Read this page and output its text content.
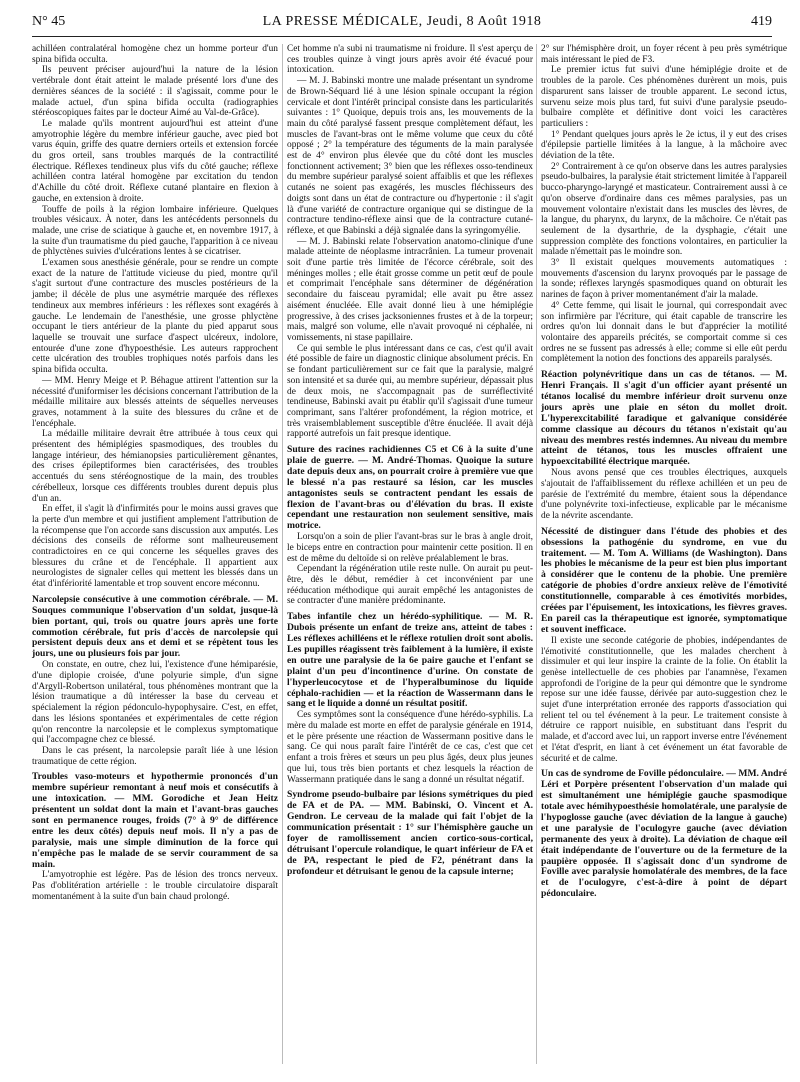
N° 45	LA PRESSE MÉDICALE, Jeudi, 8 Août 1918	419

achilléen contralatéral homogène chez un homme porteur d'un spina bifida occulta.

Ils peuvent préciser aujourd'hui la nature de la lésion vertébrale dont était atteint le malade présenté lors d'une des dernières séances de la société : il s'agissait, comme pour le malade actuel, d'un spina bifida occulta (radiographies stéréoscopiques faites par le docteur Aimé au Val-de-Grâce).

Le malade qu'ils montrent aujourd'hui est atteint d'une amyotrophie légère du membre inférieur gauche, avec pied bot varus équin, griffe des quatre derniers orteils et extension forcée du gros orteil, sans troubles marqués de la contractilité électrique. Réflexes tendineux plus vifs du côté gauche; réflexe achilléen contra latéral homogène par excitation du tendon d'Achille du côté droit. Réflexe cutané plantaire en flexion à gauche, en extension à droite.

Touffe de poils à la région lombaire inférieure. Quelques troubles vésicaux. À noter, dans les antécédents personnels du malade, une crise de sciatique à gauche et, en novembre 1917, à la suite d'un traumatisme du pied gauche, l'apparition à ce niveau de phlyctènes suivies d'ulcérations lentes à se cicatriser.

L'examen sous anesthésie générale, pour se rendre un compte exact de la nature de l'attitude vicieuse du pied, montre qu'il s'agit surtout d'une contracture des muscles postérieurs de la jambe; il décèle de plus une asymétrie marquée des réflexes tendineux aux membres inférieurs : les réflexes sont exagérés à gauche. Le lendemain de l'anesthésie, une grosse phlyctène occupant le tiers antérieur de la plante du pied apparut sous laquelle se trouvait une surface d'aspect ulcéreux, indolore, entourée d'une zone d'hypoesthésie. Les auteurs rapprochent cette ulcération des troubles trophiques notés parfois dans les spina bifida occulta.

— MM. Henry Meige et P. Béhague attirent l'attention sur la nécessité d'uniformiser les décisions concernant l'attribution de la médaille militaire aux blessés atteints de séquelles nerveuses graves, notamment à la suite des blessures du crâne et de l'encéphale.

La médaille militaire devrait être attribuée à tous ceux qui présentent des hémiplégies spasmodiques, des troubles du langage intérieur, des hémianopsies particulièrement gênantes, des crises épileptiformes bien caractérisées, des troubles accentués du sens stéréognostique de la main, des troubles cérébelleux, lorsque ces différents troubles durent depuis plus d'un an.

En effet, il s'agit là d'infirmités pour le moins aussi graves que la perte d'un membre et qui justifient amplement l'attribution de la récompense que l'on accorde sans discussion aux amputés. Les décisions des conseils de réforme sont malheureusement contradictoires en ce qui concerne les séquelles graves des blessures du crâne et de l'encéphale. Il appartient aux neurologistes de signaler celles qui mettent les blessés dans un état d'infériorité lamentable et trop souvent encore méconnu.

Narcolepsie consécutive à une commotion cérébrale. — M. Souques communique l'observation d'un soldat, jusque-là bien portant, qui, trois ou quatre jours après une forte commotion cérébrale, fut pris d'accès de narcolepsie qui persistent depuis deux ans et demi et se répètent tous les jours, une ou plusieurs fois par jour.

On constate, en outre, chez lui, l'existence d'une hémiparésie, d'une diplopie croisée, d'une polyurie simple, d'un signe d'Argyll-Robertson unilatéral, tous phénomènes montrant que la lésion traumatique a dû intéresser la base du cerveau et spécialement la région pédonculo-hypophysaire. C'est, en effet, dans les lésions spontanées et expérimentales de cette région qu'on rencontre la narcolepsie et le complexus symptomatique qui l'accompagne chez ce blessé.

Dans le cas présent, la narcolepsie paraît liée à une lésion traumatique de cette région.

Troubles vaso-moteurs et hypothermie prononcés d'un membre supérieur remontant à neuf mois et consécutifs à une intoxication. — MM. Gorodiche et Jean Heitz présentent un soldat dont la main et l'avant-bras gauches sont en permanence rouges, froids (7° à 9° de différence entre les deux côtés) depuis neuf mois. Il n'y a pas de paralysie, mais une simple diminution de la force qui n'empêche pas le malade de se servir couramment de sa main.

L'amyotrophie est légère. Pas de lésion des troncs nerveux. Pas d'oblitération artérielle : le trouble circulatoire disparaît momentanément à la suite d'un bain chaud prolongé.

Cet homme n'a subi ni traumatisme ni froidure. Il s'est aperçu de ces troubles quinze à vingt jours après avoir été évacué pour intoxication.

— M. J. Babinski montre une malade présentant un syndrome de Brown-Séquard lié à une lésion spinale occupant la région cervicale et dont l'intérêt principal consiste dans les particularités suivantes : 1° Quoique, depuis trois ans, les mouvements de la main du côté paralysé fassent presque complètement défaut, les muscles de l'avant-bras ont le même volume que ceux du côté opposé ; 2° la température des téguments de la main paralysée est de 4° environ plus élevée que du côté dont les muscles fonctionnent activement; 3° bien que les réflexes osso-tendineux du membre supérieur paralysé soient affaiblis et que les réflexes cutanés ne soient pas exagérés, les muscles fléchisseurs des doigts sont dans un état de contracture ou d'hypertonie : il s'agit là d'une variété de contracture organique qui se distingue de la contracture tendino-réflexe ainsi que de la contracture cutané-réflexe, et que Babinski a déjà signalée dans la syringomyélie.

— M. J. Babinski relate l'observation anatomo-clinique d'une malade atteinte de néoplasme intracrânien. La tumeur provenait soit d'une partie très limitée de l'écorce cérébrale, soit des méninges molles ; elle était grosse comme un petit œuf de poule et comprimait l'encéphale sans déterminer de dégénération secondaire du faisceau pyramidal; elle avait pu être assez aisément énucléée. Elle avait donné lieu à une hémiplégie progressive, à des crises jacksoniennes frustes et à de la torpeur; mais, malgré son volume, elle n'avait provoqué ni céphalée, ni vomissements, ni stase papillaire.

Ce qui semble le plus intéressant dans ce cas, c'est qu'il avait été possible de faire un diagnostic clinique absolument précis. En se fondant particulièrement sur ce fait que la paralysie, malgré son intensité et sa durée qui, au membre supérieur, dépassait plus de deux mois, ne s'accompagnait pas de surréflectivité tendineuse, Babinski avait pu établir qu'il s'agissait d'une tumeur comprimant, sans l'altérer profondément, la région motrice, et très vraisemblablement susceptible d'être énucléée. Il avait déjà rapporté autrefois un fait presque identique.

Suture des racines rachidiennes C5 et C6 à la suite d'une plaie de guerre. — M. André-Thomas. Quoique la suture date depuis deux ans, on pourrait croire à première vue que le blessé n'a pas restauré sa lésion, car les muscles antagonistes seuls se contractent pendant les essais de flexion de l'avant-bras ou d'élévation du bras. Il existe cependant une restauration non seulement sensitive, mais motrice.

Lorsqu'on a soin de plier l'avant-bras sur le bras à angle droit, le biceps entre en contraction pour maintenir cette position. Il en est de même du deltoïde si on relève préalablement le bras.

Cependant la régénération utile reste nulle. On aurait pu peut-être, dès le début, remédier à cet inconvénient par une rééducation méthodique qui aurait empêché les antagonistes de se contracter d'une manière prédominante.

Tabes infantile chez un hérédo-syphilitique. — M. R. Dubois présente un enfant de treize ans, atteint de tabes : Les réflexes achilléens et le réflexe rotulien droit sont abolis. Les pupilles réagissent très faiblement à la lumière, il existe en outre une paralysie de la 6e paire gauche et l'enfant se plaint d'un peu d'incontinence d'urine. On constate de l'hyperleucocytose et de l'hyperalbuminose du liquide céphalo-rachidien — et la réaction de Wassermann dans le sang et le liquide a donné un résultat positif.

Ces symptômes sont la conséquence d'une hérédo-syphilis. La mère du malade est morte en effet de paralysie générale en 1914, et le père présente une réaction de Wassermann positive dans le sang. Ce qui nous paraît faire l'intérêt de ce cas, c'est que cet enfant a trois frères et sœurs un peu plus âgés, deux plus jeunes que lui, tous très bien portants et chez lesquels la réaction de Wassermann pratiquée dans le sang a donné un résultat négatif.

Syndrome pseudo-bulbaire par lésions symétriques du pied de FA et de PA. — MM. Babinski, O. Vincent et A. Gendron. Le cerveau de la malade qui fait l'objet de la communication présentait : 1° sur l'hémisphère gauche un foyer de ramollissement ancien cortico-sous-cortical, détruisant l'opercule rolandique, le quart inférieur de FA et de PA, respectant le pied de F2, pénétrant dans la profondeur et détruisant le genou de la capsule interne;

2° sur l'hémisphère droit, un foyer récent à peu près symétrique mais intéressant le pied de F3.

Le premier ictus fut suivi d'une hémiplégie droite et de troubles de la parole. Ces phénomènes durèrent un mois, puis disparurent sans laisser de trouble apparent. Le second ictus, survenu seize mois plus tard, fut suivi d'une paralysie pseudo-bulbaire complète et définitive dont voici les caractères particuliers :

1° Pendant quelques jours après le 2e ictus, il y eut des crises d'épilepsie partielle limitées à la langue, à la mâchoire avec déviation de la tête.

2° Contrairement à ce qu'on observe dans les autres paralysies pseudo-bulbaires, la paralysie était strictement limitée à l'appareil bucco-pharyngo-laryngé et masticateur. Contrairement aussi à ce qu'on observe d'ordinaire dans ces mêmes paralysies, pas un mouvement volontaire n'existait dans les muscles des lèvres, de la langue, du pharynx, du larynx, de la mâchoire. Ce n'était pas seulement de la dysarthrie, de la dysphagie, c'était une suppression complète des fonctions volontaires, en particulier la malade n'émettait pas le moindre son.

3° Il existait quelques mouvements automatiques : mouvements d'ascension du larynx provoqués par le passage de la sonde; réflexes laryngés spasmodiques quand on obturait les narines de façon à priver momentanément d'air la malade.

4° Cette femme, qui lisait le journal, qui correspondait avec son infirmière par l'écriture, qui était capable de transcrire les ordres qu'on lui donnait dans le but d'apprécier la motilité volontaire des appareils précités, se comportait comme si ces ordres ne se fussent pas adressés à elle; comme si elle eût perdu complètement la notion des fonctions des appareils paralysés.

Réaction polynévritique dans un cas de tétanos. — M. Henri Français. Il s'agit d'un officier ayant présenté un tétanos localisé du membre inférieur droit survenu onze jours après une plaie en séton du mollet droit. L'hyperexcitabilité faradique et galvanique considérée comme classique au décours du tétanos n'existait qu'au niveau des membres restés indemnes. Au niveau du membre atteint de tétanos, tous les muscles offraient une hypoexcitabilité électrique marquée.

Nous avons pensé que ces troubles électriques, auxquels s'ajoutait de l'affaiblissement du réflexe achilléen et un peu de parésie de l'extrémité du membre, étaient sous la dépendance d'une polynévrite toxi-infectieuse, explicable par le mécanisme de la névrite ascendante.

Nécessité de distinguer dans l'étude des phobies et des obsessions la pathogénie du syndrome, en vue du traitement. — M. Tom A. Williams (de Washington). Dans les phobies le mécanisme de la peur est bien plus important à considérer que le contenu de la phobie. Une première catégorie de phobies d'ordre anxieux relève de l'émotivité constitutionnelle, comparable à ces émotivités morbides, créées par l'épuisement, les intoxications, les fièvres graves. En pareil cas la thérapeutique est ignorée, symptomatique et souvent inefficace.

Il existe une seconde catégorie de phobies, indépendantes de l'émotivité constitutionnelle, que les malades cherchent à dissimuler et qui leur inspire la crainte de la folie. On établit la genèse intellectuelle de ces phobies par l'anamnèse, l'examen approfondi de l'origine de la peur qui démontre que le syndrome repose sur une idée fausse, dérivée par auto-suggestion chez le sujet d'une interprétation erronée des rapports d'association qui relient tel ou tel événement à la peur. Le traitement consiste à détruire ce rapport nuisible, en substituant dans l'esprit du malade, et d'accord avec lui, un rapport inverse entre l'événement et l'état d'esprit, en liant à cet événement un état favorable de sécurité et de calme.

Un cas de syndrome de Foville pédonculaire. — MM. André Léri et Porpère présentent l'observation d'un malade qui est simultanément une hémiplégie gauche spasmodique totale avec hémihypoesthésie homolatérale, une paralysie de l'hypoglosse gauche (avec déviation de la langue à gauche) et une paralysie de l'oculogyre gauche (avec déviation permanente des yeux à droite). La déviation de chaque œil était indépendante de l'ouverture ou de la fermeture de la paupière opposée. Il s'agissait donc d'un syndrome de Foville avec paralysie homolatérale des membres, de la face et de l'oculogyre, c'est-à-dire à point de départ pédonculaire.
